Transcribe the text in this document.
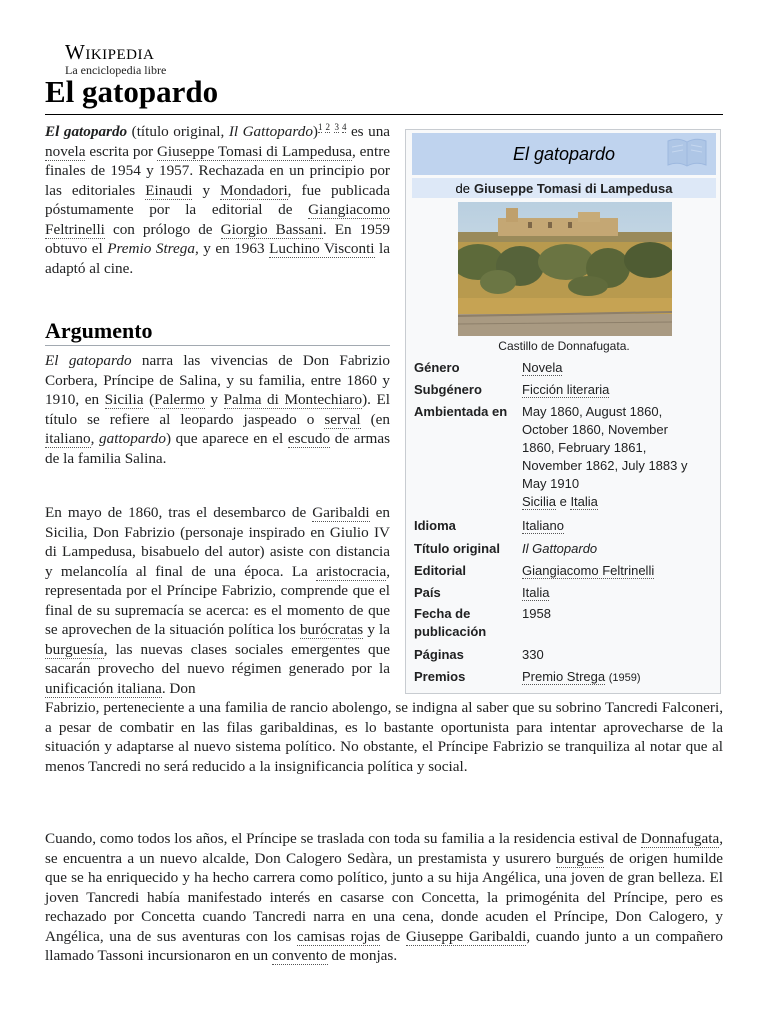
Wikipedia
La enciclopedia libre
El gatopardo

El gatopardo (título original, Il Gattopardo)$^{1 2}$ $^{3 4}$ es una novela escrita por Giuseppe Tomasi di Lampedusa, entre finales de 1954 y 1957. Rechazada en un principio por las editoriales Einaudi y Mondadori, fue publicada póstumamente por la editorial de Giangiacomo Feltrinelli con prólogo de Giorgio Bassani. En 1959 obtuvo el Premio Strega, y en 1963 Luchino Visconti la adaptó al cine.

Argumento

El gatopardo narra las vivencias de Don Fabrizio Corbera, Príncipe de Salina, y su familia, entre 1860 y 1910, en Sicilia (Palermo y Palma di Montechiaro). El título se refiere al leopardo jaspeado o serval (en italiano, gattopardo) que aparece en el escudo de armas de la familia Salina.

En mayo de 1860, tras el desembarco de Garibaldi en Sicilia, Don Fabrizio (personaje inspirado en Giulio IV di Lampedusa, bisabuelo del autor) asiste con distancia y melancolía al final de una época. La aristocracia, representada por el Príncipe Fabrizio, comprende que el final de su supremacía se acerca: es el momento de que se aprovechen de la situación política los burócratas y la burguesía, las nuevas clases sociales emergentes que sacarán provecho del nuevo régimen generado por la unificación italiana. Don

Fabrizio, perteneciente a una familia de rancio abolengo, se indigna al saber que su sobrino Tancredi Falconeri, a pesar de combatir en las filas garibaldinas, es lo bastante oportunista para intentar aprovecharse de la situación y adaptarse al nuevo sistema político. No obstante, el Príncipe Fabrizio se tranquiliza al notar que al menos Tancredi no será reducido a la insignificancia política y social.

Cuando, como todos los años, el Príncipe se traslada con toda su familia a la residencia estival de Donnafugata, se encuentra a un nuevo alcalde, Don Calogero Sedàra, un prestamista y usurero burgués de origen humilde que se ha enriquecido y ha hecho carrera como político, junto a su hija Angélica, una joven de gran belleza. El joven Tancredi había manifestado interés en casarse con Concetta, la primogénita del Príncipe, pero es rechazado por Concetta cuando Tancredi narra en una cena, donde acuden el Príncipe, Don Calogero, y Angélica, una de sus aventuras con los camisas rojas de Giuseppe Garibaldi, cuando junto a un compañero llamado Tassoni incursionaron en un convento de monjas.

El gatopardo
de Giuseppe Tomasi di Lampedusa
Castillo de Donnafugata.
Género	Novela
Subgénero	Ficción literaria
Ambientada en	May 1860, August 1860, October 1860, November 1860, February 1861, November 1862, July 1883 y May 1910
Sicilia e Italia
Idioma	Italiano
Título original	Il Gattopardo
Editorial	Giangiacomo Feltrinelli
País	Italia
Fecha de publicación
1958
Páginas	330
Premios	Premio Strega (1959)
